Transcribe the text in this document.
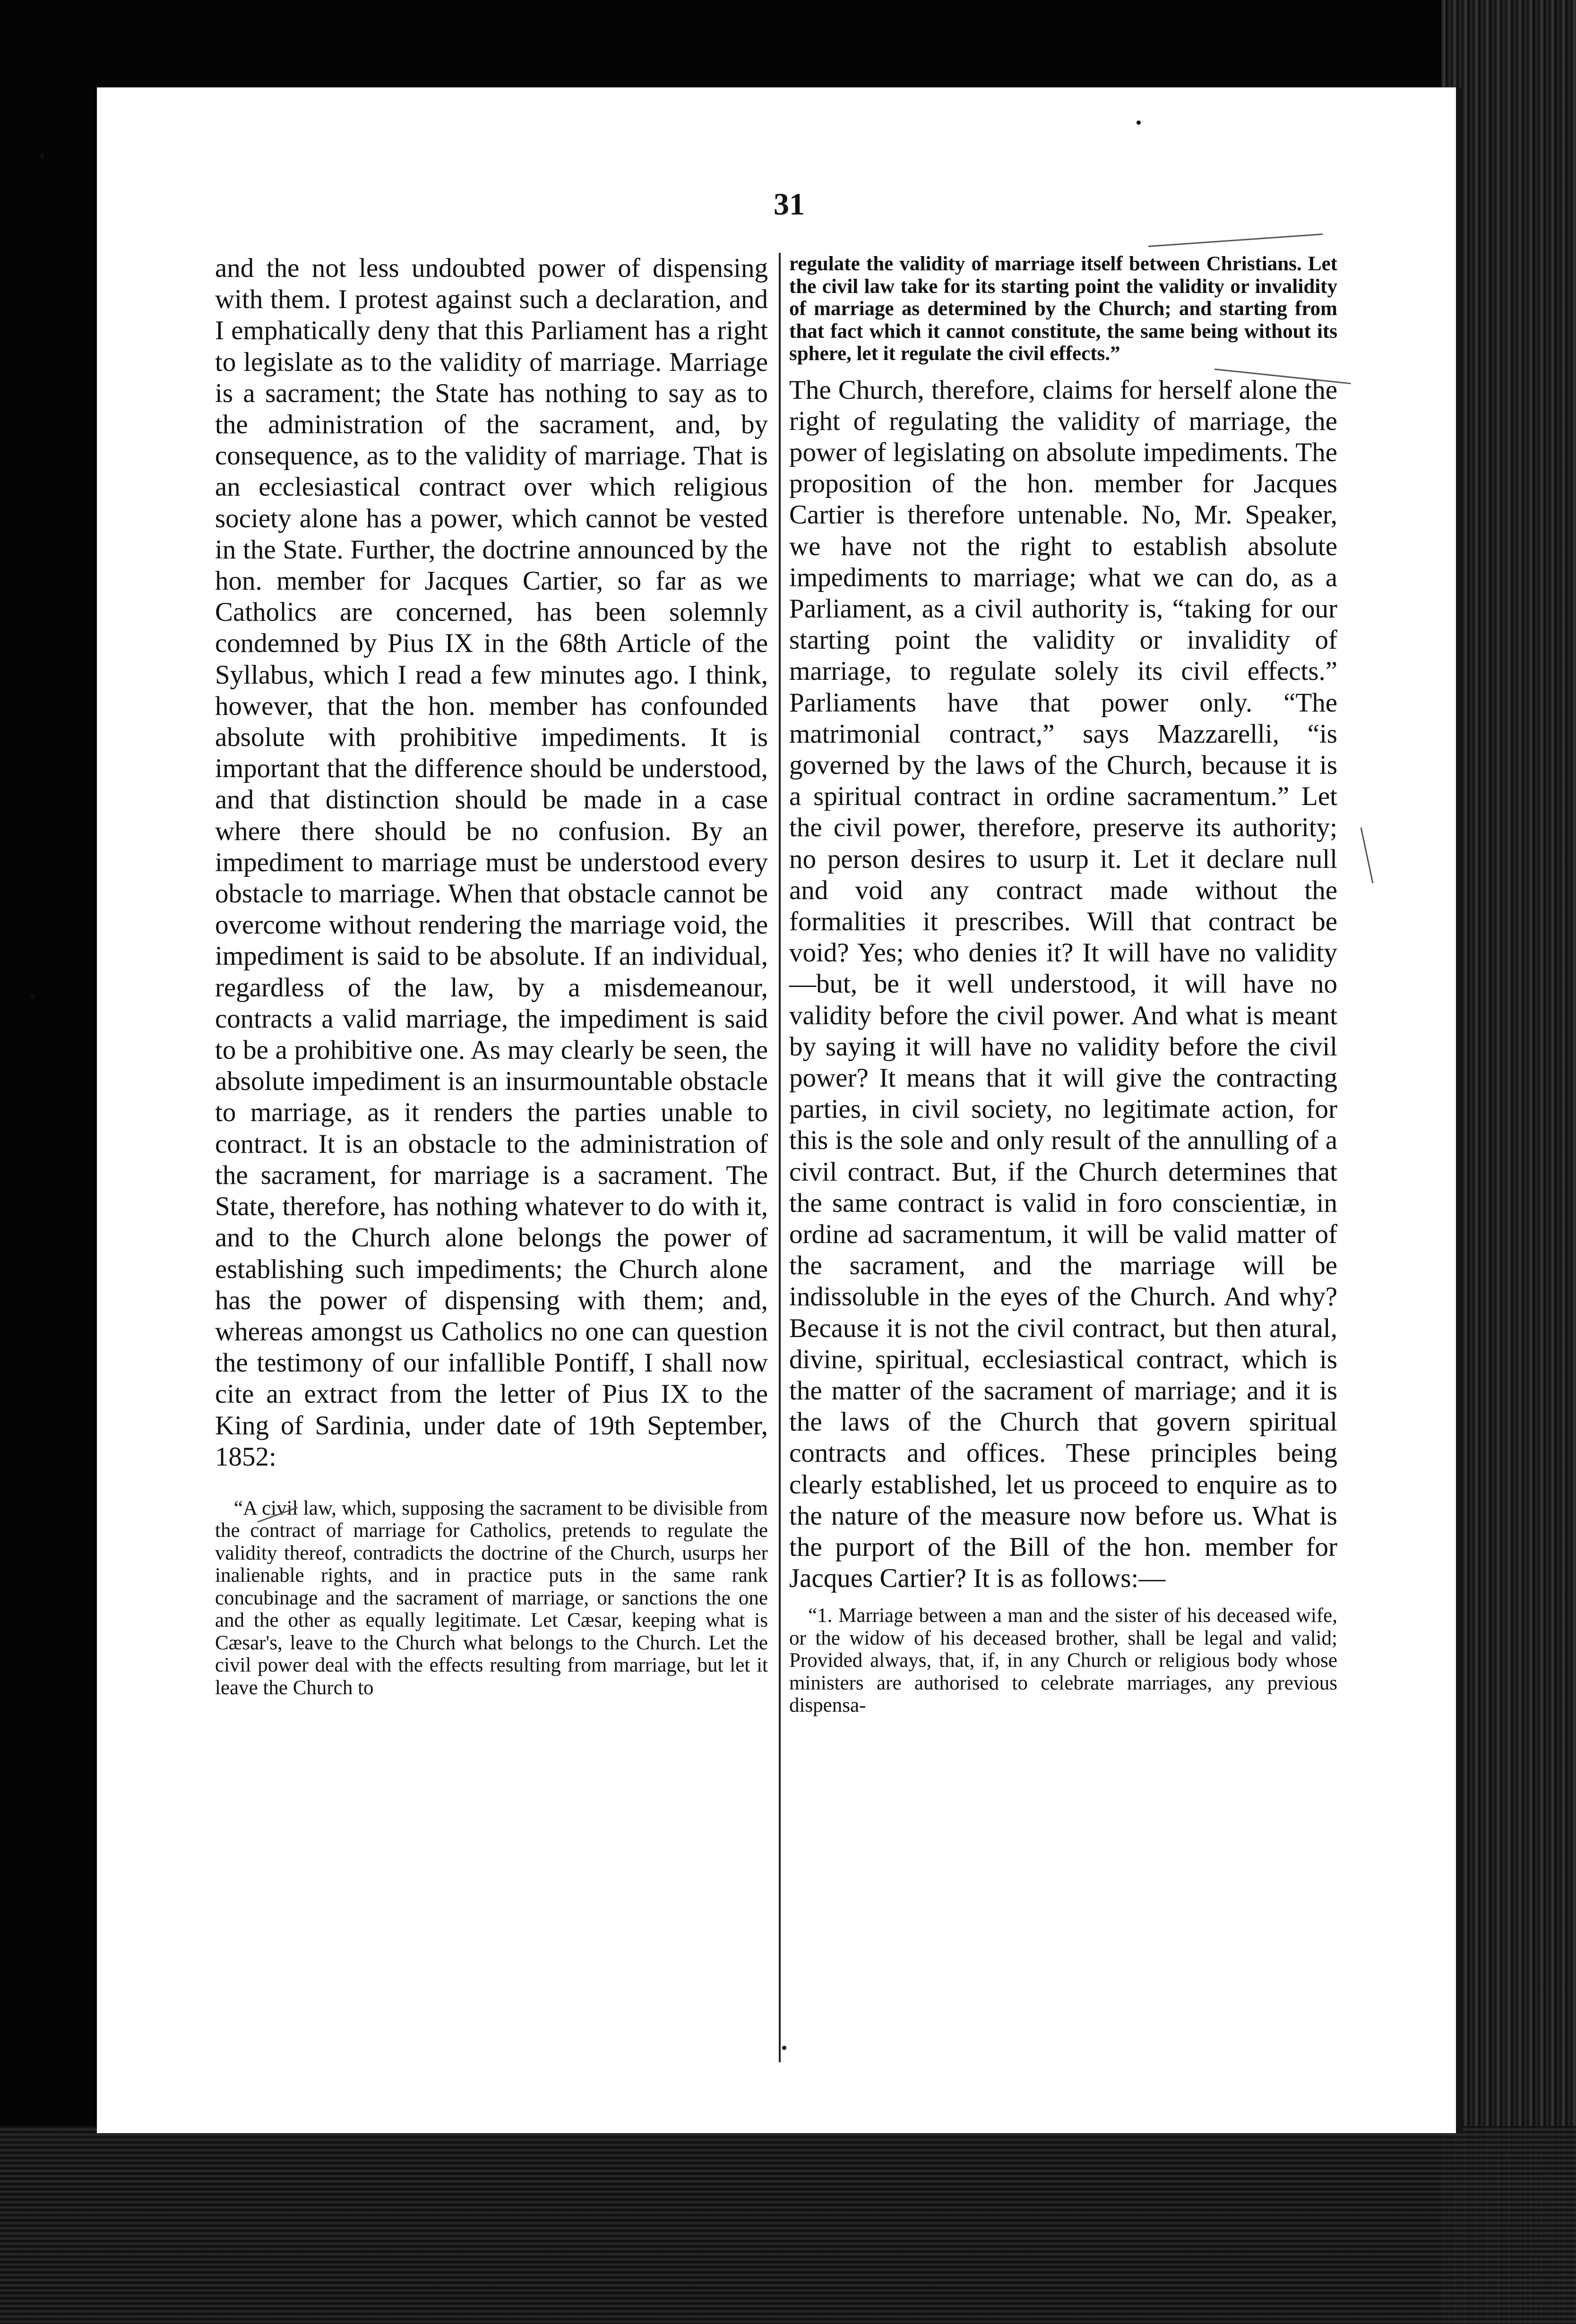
31

and the not less undoubted power of dispensing with them. I protest against such a declaration, and I emphatically deny that this Parliament has a right to legislate as to the validity of marriage. Marriage is a sacrament; the State has nothing to say as to the administration of the sacrament, and, by consequence, as to the validity of marriage. That is an ecclesiastical contract over which religious society alone has a power, which cannot be vested in the State. Further, the doctrine announced by the hon. member for Jacques Cartier, so far as we Catholics are concerned, has been solemnly condemned by Pius IX in the 68th Article of the Syllabus, which I read a few minutes ago. I think, however, that the hon. member has confounded absolute with prohibitive impediments. It is important that the difference should be understood, and that distinction should be made in a case where there should be no confusion. By an impediment to marriage must be understood every obstacle to marriage. When that obstacle cannot be overcome without rendering the marriage void, the impediment is said to be absolute. If an individual, regardless of the law, by a misdemeanour, contracts a valid marriage, the impediment is said to be a prohibitive one. As may clearly be seen, the absolute impediment is an insurmountable obstacle to marriage, as it renders the parties unable to contract. It is an obstacle to the administration of the sacrament, for marriage is a sacrament. The State, therefore, has nothing whatever to do with it, and to the Church alone belongs the power of establishing such impediments; the Church alone has the power of dispensing with them; and, whereas amongst us Catholics no one can question the testimony of our infallible Pontiff, I shall now cite an extract from the letter of Pius IX to the King of Sardinia, under date of 19th September, 1852:

“A civil law, which, supposing the sacrament to be divisible from the contract of marriage for Catholics, pretends to regulate the validity thereof, contradicts the doctrine of the Church, usurps her inalienable rights, and in practice puts in the same rank concubinage and the sacrament of marriage, or sanctions the one and the other as equally legitimate. Let Cæsar, keeping what is Cæsar's, leave to the Church what belongs to the Church. Let the civil power deal with the effects resulting from marriage, but let it leave the Church to

regulate the validity of marriage itself between Christians. Let the civil law take for its starting point the validity or invalidity of marriage as determined by the Church; and starting from that fact which it cannot constitute, the same being without its sphere, let it regulate the civil effects.”

The Church, therefore, claims for herself alone the right of regulating the validity of marriage, the power of legislating on absolute impediments. The proposition of the hon. member for Jacques Cartier is therefore untenable. No, Mr. Speaker, we have not the right to establish absolute impediments to marriage; what we can do, as a Parliament, as a civil authority is, “taking for our starting point the validity or invalidity of marriage, to regulate solely its civil effects.” Parliaments have that power only. “The matrimonial contract,” says Mazzarelli, “is governed by the laws of the Church, because it is a spiritual contract in ordine sacramentum.” Let the civil power, therefore, preserve its authority; no person desires to usurp it. Let it declare null and void any contract made without the formalities it prescribes. Will that contract be void? Yes; who denies it? It will have no validity—but, be it well understood, it will have no validity before the civil power. And what is meant by saying it will have no validity before the civil power? It means that it will give the contracting parties, in civil society, no legitimate action, for this is the sole and only result of the annulling of a civil contract. But, if the Church determines that the same contract is valid in foro conscientiæ, in ordine ad sacramentum, it will be valid matter of the sacrament, and the marriage will be indissoluble in the eyes of the Church. And why? Because it is not the civil contract, but then atural, divine, spiritual, ecclesiastical contract, which is the matter of the sacrament of marriage; and it is the laws of the Church that govern spiritual contracts and offices. These principles being clearly established, let us proceed to enquire as to the nature of the measure now before us. What is the purport of the Bill of the hon. member for Jacques Cartier? It is as follows:—

“1. Marriage between a man and the sister of his deceased wife, or the widow of his deceased brother, shall be legal and valid; Provided always, that, if, in any Church or religious body whose ministers are authorised to celebrate marriages, any previous dispensa-
